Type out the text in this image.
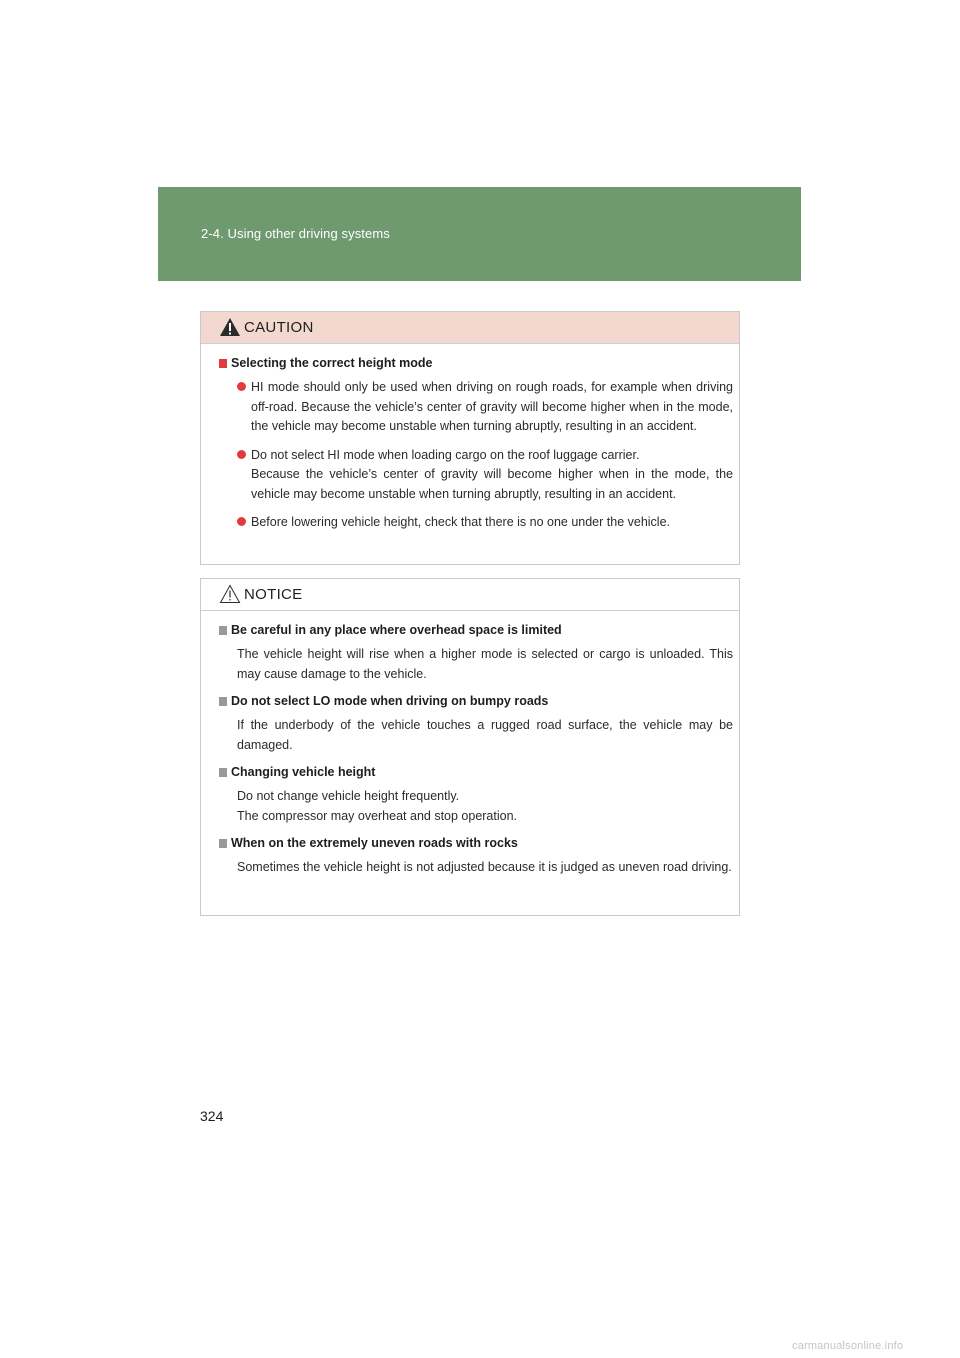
2-4. Using other driving systems
CAUTION
Selecting the correct height mode
HI mode should only be used when driving on rough roads, for example when driving off-road. Because the vehicle’s center of gravity will become higher when in the mode, the vehicle may become unstable when turning abruptly, resulting in an accident.
Do not select HI mode when loading cargo on the roof luggage carrier.
Because the vehicle’s center of gravity will become higher when in the mode, the vehicle may become unstable when turning abruptly, resulting in an accident.
Before lowering vehicle height, check that there is no one under the vehicle.
NOTICE
Be careful in any place where overhead space is limited
The vehicle height will rise when a higher mode is selected or cargo is unloaded. This may cause damage to the vehicle.
Do not select LO mode when driving on bumpy roads
If the underbody of the vehicle touches a rugged road surface, the vehicle may be damaged.
Changing vehicle height
Do not change vehicle height frequently.
The compressor may overheat and stop operation.
When on the extremely uneven roads with rocks
Sometimes the vehicle height is not adjusted because it is judged as uneven road driving.
324
carmanualsonline.info
